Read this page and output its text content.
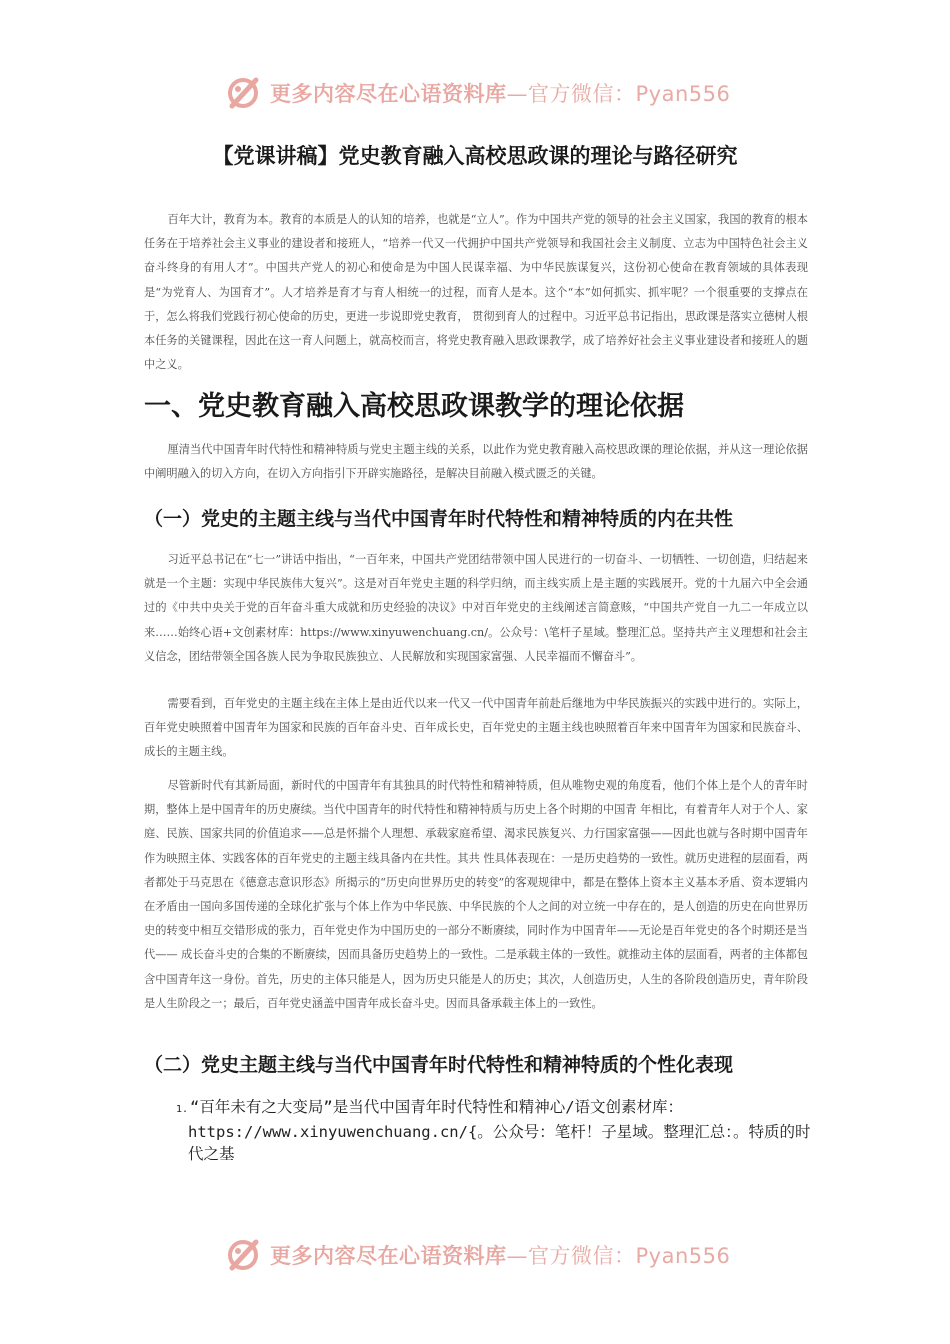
更多内容尽在心语资料库—官方微信：Pyan556
【党课讲稿】党史教育融入高校思政课的理论与路径研究

百年大计，教育为本。教育的本质是人的认知的培养，也就是“立人”。作为中国共产党的领导的社会主义国家，我国的教育的根本任务在于培养社会主义事业的建设者和接班人，“培养一代又一代拥护中国共产党领导和我国社会主义制度、立志为中国特色社会主义奋斗终身的有用人才”。中国共产党人的初心和使命是为中国人民谋幸福、为中华民族谋复兴，这份初心使命在教育领域的具体表现是“为党育人、为国育才”。人才培养是育才与育人相统一的过程，而育人是本。这个“本”如何抓实、抓牢呢？一个很重要的支撑点在于，怎么将我们党践行初心使命的历史，更进一步说即党史教育， 贯彻到育人的过程中。习近平总书记指出，思政课是落实立德树人根本任务的关键课程，因此在这一育人问题上，就高校而言，将党史教育融入思政课教学，成了培养好社会主义事业建设者和接班人的题中之义。

一、党史教育融入高校思政课教学的理论依据

厘清当代中国青年时代特性和精神特质与党史主题主线的关系，以此作为党史教育融入高校思政课的理论依据，并从这一理论依据中阐明融入的切入方向，在切入方向指引下开辟实施路径，是解决目前融入模式匮乏的关键。

（一）党史的主题主线与当代中国青年时代特性和精神特质的内在共性

习近平总书记在“七一”讲话中指出，“一百年来，中国共产党团结带领中国人民进行的一切奋斗、一切牺牲、一切创造，归结起来就是一个主题：实现中华民族伟大复兴”。这是对百年党史主题的科学归纳，而主线实质上是主题的实践展开。党的十九届六中全会通过的《中共中央关于党的百年奋斗重大成就和历史经验的决议》中对百年党史的主线阐述言简意赅，“中国共产党自一九二一年成立以来……始终心语+文创素材库：https://www.xinyuwenchuang.cn/。公众号：\笔杆子星域。整理汇总。坚持共产主义理想和社会主义信念，团结带领全国各族人民为争取民族独立、人民解放和实现国家富强、人民幸福而不懈奋斗”。

需要看到，百年党史的主题主线在主体上是由近代以来一代又一代中国青年前赴后继地为中华民族振兴的实践中进行的。实际上，百年党史映照着中国青年为国家和民族的百年奋斗史、百年成长史，百年党史的主题主线也映照着百年来中国青年为国家和民族奋斗、成长的主题主线。

尽管新时代有其新局面，新时代的中国青年有其独具的时代特性和精神特质，但从唯物史观的角度看，他们个体上是个人的青年时期，整体上是中国青年的历史赓续。当代中国青年的时代特性和精神特质与历史上各个时期的中国青 年相比，有着青年人对于个人、家庭、民族、国家共同的价值追求——总是怀揣个人理想、承载家庭希望、渴求民族复兴、力行国家富强——因此也就与各时期中国青年作为映照主体、实践客体的百年党史的主题主线具备内在共性。其共 性具体表现在：一是历史趋势的一致性。就历史进程的层面看，两者都处于马克思在《德意志意识形态》所揭示的“历史向世界历史的转变”的客观规律中，都是在整体上资本主义基本矛盾、资本逻辑内在矛盾由一国向多国传递的全球化扩张与个体上作为中华民族、中华民族的个人之间的对立统一中存在的，是人创造的历史在向世界历史的转变中相互交错形成的张力，百年党史作为中国历史的一部分不断赓续，同时作为中国青年——无论是百年党史的各个时期还是当代—— 成长奋斗史的合集的不断赓续，因而具备历史趋势上的一致性。二是承载主体的一致性。就推动主体的层面看，两者的主体都包含中国青年这一身份。首先，历史的主体只能是人，因为历史只能是人的历史；其次，人创造历史，人生的各阶段创造历史，青年阶段是人生阶段之一；最后，百年党史涵盖中国青年成长奋斗史。因而具备承载主体上的一致性。

（二）党史主题主线与当代中国青年时代特性和精神特质的个性化表现
1. “百年未有之大变局”是当代中国青年时代特性和精神心/语文创素材库：
https://www.xinyuwenchuang.cn/{。公众号：笔杆！子星域。整理汇总：。特质的时代之基
更多内容尽在心语资料库—官方微信：Pyan556
